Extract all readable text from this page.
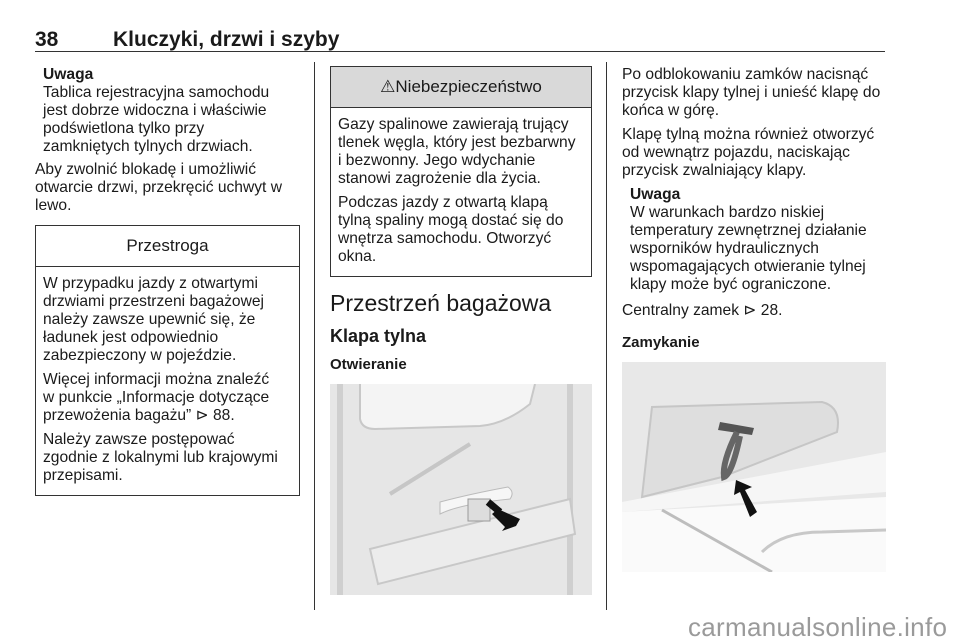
38	Kluczyki, drzwi i szyby
Uwaga
Tablica rejestracyjna samochodu
jest dobrze widoczna i właściwie
podświetlona tylko przy
zamkniętych tylnych drzwiach.
Aby zwolnić blokadę i umożliwić
otwarcie drzwi, przekręcić uchwyt w
lewo.
Przestroga

W przypadku jazdy z otwartymi
drzwiami przestrzeni bagażowej
należy zawsze upewnić się, że
ładunek jest odpowiednio
zabezpieczony w pojeździe.

Więcej informacji można znaleźć
w punkcie „Informacje dotyczące
przewożenia bagażu” ⊳ 88.

Należy zawsze postępować
zgodnie z lokalnymi lub krajowymi
przepisami.

⚠Niebezpieczeństwo

Gazy spalinowe zawierają trujący
tlenek węgla, który jest bezbarwny
i bezwonny. Jego wdychanie
stanowi zagrożenie dla życia.

Podczas jazdy z otwartą klapą
tylną spaliny mogą dostać się do
wnętrza samochodu. Otworzyć
okna.

Przestrzeń bagażowa
Klapa tylna
Otwieranie
Po odblokowaniu zamków nacisnąć
przycisk klapy tylnej i unieść klapę do
końca w górę.
Klapę tylną można również otworzyć
od wewnątrz pojazdu, naciskając
przycisk zwalniający klapy.
Uwaga
W warunkach bardzo niskiej
temperatury zewnętrznej działanie
wsporników hydraulicznych
wspomagających otwieranie tylnej
klapy może być ograniczone.
Centralny zamek ⊳ 28.
Zamykanie
carmanualsonline.info
